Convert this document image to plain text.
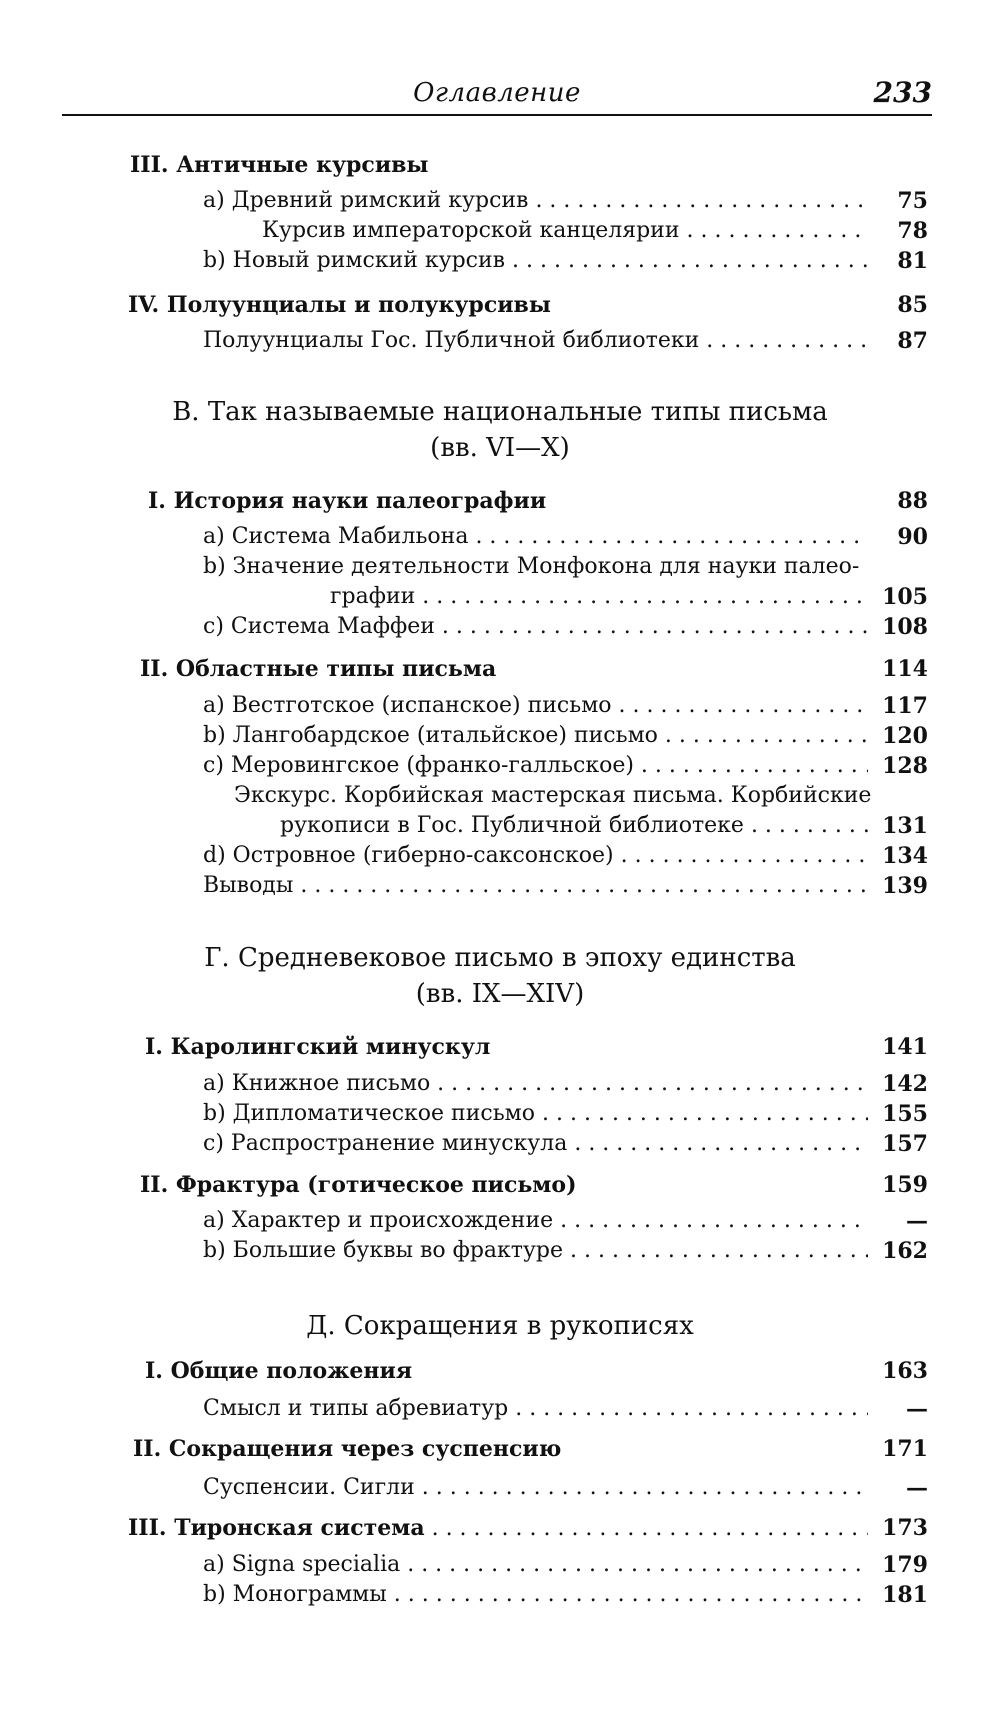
Оглавление	233
III. Античные курсивы
a) Древний римский курсив . . .	75
Курсив императорской канцелярии . . .	78
b) Новый римский курсив . . .	81
IV. Полуунциалы и полукурсивы	85
Полуунциалы Гос. Публичной библиотеки . . .	87
В. Так называемые национальные типы письма
(вв. VI—X)
I. История науки палеографии	88
a) Система Мабильона . . .	90
b) Значение деятельности Монфокона для науки палео-
графии . . .	105
c) Система Маффеи . . .	108
II. Областные типы письма	114
a) Вестготское (испанское) письмо . . .	117
b) Лангобардское (итальйское) письмо . . .	120
c) Меровингское (франко-галльское) . . .	128
Экскурс. Корбийская мастерская письма. Корбийские
рукописи в Гос. Публичной библиотеке . . .	131
d) Островное (гиберно-саксонское) . . .	134
Выводы . . .	139
Г. Средневековое письмо в эпоху единства
(вв. IX—XIV)
I. Каролингский минускул	141
a) Книжное письмо . . .	142
b) Дипломатическое письмо . . .	155
c) Распространение минускула . . .	157
II. Фрактура (готическое письмо)	159
a) Характер и происхождение . . .	—
b) Большие буквы во фрактуре . . .	162
Д. Сокращения в рукописях
I. Общие положения	163
Смысл и типы абревиатур . . .	—
II. Сокращения через суспенсию	171
Суспенсии. Сигли . . .	—
III. Тиронская система . . .	173
a) Signa specialia . . .	179
b) Монограммы . . .	181
